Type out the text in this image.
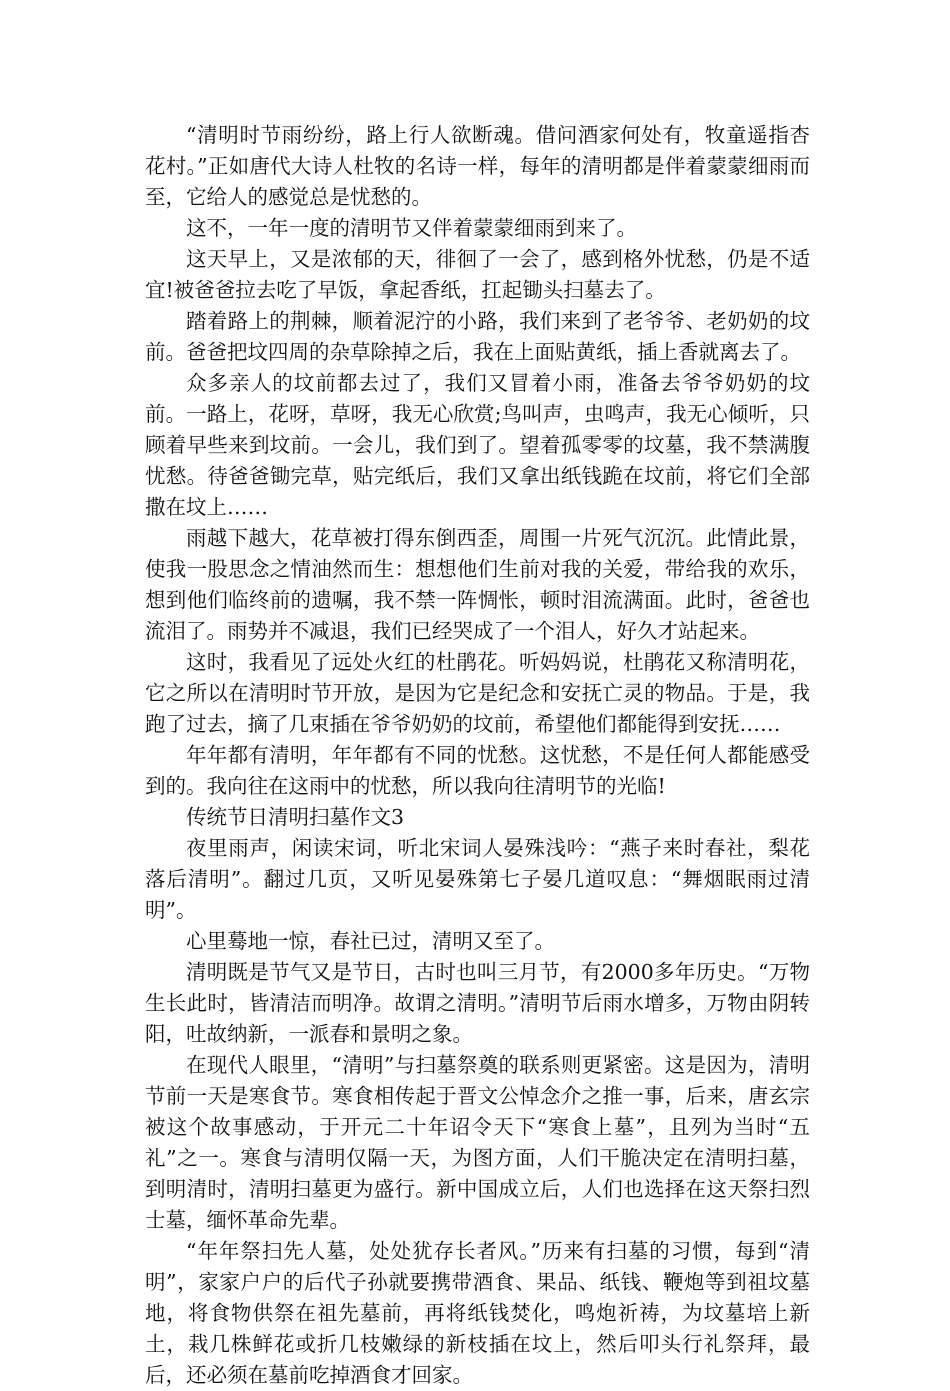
“清明时节雨纷纷，路上行人欲断魂。借问酒家何处有，牧童遥指杏花村。”正如唐代大诗人杜牧的名诗一样，每年的清明都是伴着蒙蒙细雨而至，它给人的感觉总是忧愁的。

这不，一年一度的清明节又伴着蒙蒙细雨到来了。

这天早上，又是浓郁的天，徘徊了一会了，感到格外忧愁，仍是不适宜!被爸爸拉去吃了早饭，拿起香纸，扛起锄头扫墓去了。

踏着路上的荆棘，顺着泥泞的小路，我们来到了老爷爷、老奶奶的坟前。爸爸把坟四周的杂草除掉之后，我在上面贴黄纸，插上香就离去了。

众多亲人的坟前都去过了，我们又冒着小雨，准备去爷爷奶奶的坟前。一路上，花呀，草呀，我无心欣赏;鸟叫声，虫鸣声，我无心倾听，只顾着早些来到坟前。一会儿，我们到了。望着孤零零的坟墓，我不禁满腹忧愁。待爸爸锄完草，贴完纸后，我们又拿出纸钱跪在坟前，将它们全部撒在坟上……

雨越下越大，花草被打得东倒西歪，周围一片死气沉沉。此情此景，使我一股思念之情油然而生：想想他们生前对我的关爱，带给我的欢乐，想到他们临终前的遗嘱，我不禁一阵惆怅，顿时泪流满面。此时，爸爸也流泪了。雨势并不减退，我们已经哭成了一个泪人，好久才站起来。

这时，我看见了远处火红的杜鹃花。听妈妈说，杜鹃花又称清明花，它之所以在清明时节开放，是因为它是纪念和安抚亡灵的物品。于是，我跑了过去，摘了几束插在爷爷奶奶的坟前，希望他们都能得到安抚……

年年都有清明，年年都有不同的忧愁。这忧愁，不是任何人都能感受到的。我向往在这雨中的忧愁，所以我向往清明节的光临!

传统节日清明扫墓作文3

夜里雨声，闲读宋词，听北宋词人晏殊浅吟：“燕子来时春社，梨花落后清明”。翻过几页，又听见晏殊第七子晏几道叹息：“舞烟眠雨过清明”。

心里蓦地一惊，春社已过，清明又至了。

清明既是节气又是节日，古时也叫三月节，有2000多年历史。“万物生长此时，皆清洁而明净。故谓之清明。”清明节后雨水增多，万物由阴转阳，吐故纳新，一派春和景明之象。

在现代人眼里，“清明”与扫墓祭奠的联系则更紧密。这是因为，清明节前一天是寒食节。寒食相传起于晋文公悼念介之推一事，后来，唐玄宗被这个故事感动，于开元二十年诏令天下“寒食上墓”，且列为当时“五礼”之一。寒食与清明仅隔一天，为图方面，人们干脆决定在清明扫墓，到明清时，清明扫墓更为盛行。新中国成立后，人们也选择在这天祭扫烈士墓，缅怀革命先辈。

“年年祭扫先人墓，处处犹存长者风。”历来有扫墓的习惯，每到“清明”，家家户户的后代子孙就要携带酒食、果品、纸钱、鞭炮等到祖坟墓地，将食物供祭在祖先墓前，再将纸钱焚化，鸣炮祈祷，为坟墓培上新土，栽几株鲜花或折几枝嫩绿的新枝插在坟上，然后叩头行礼祭拜，最后，还必须在墓前吃掉酒食才回家。
